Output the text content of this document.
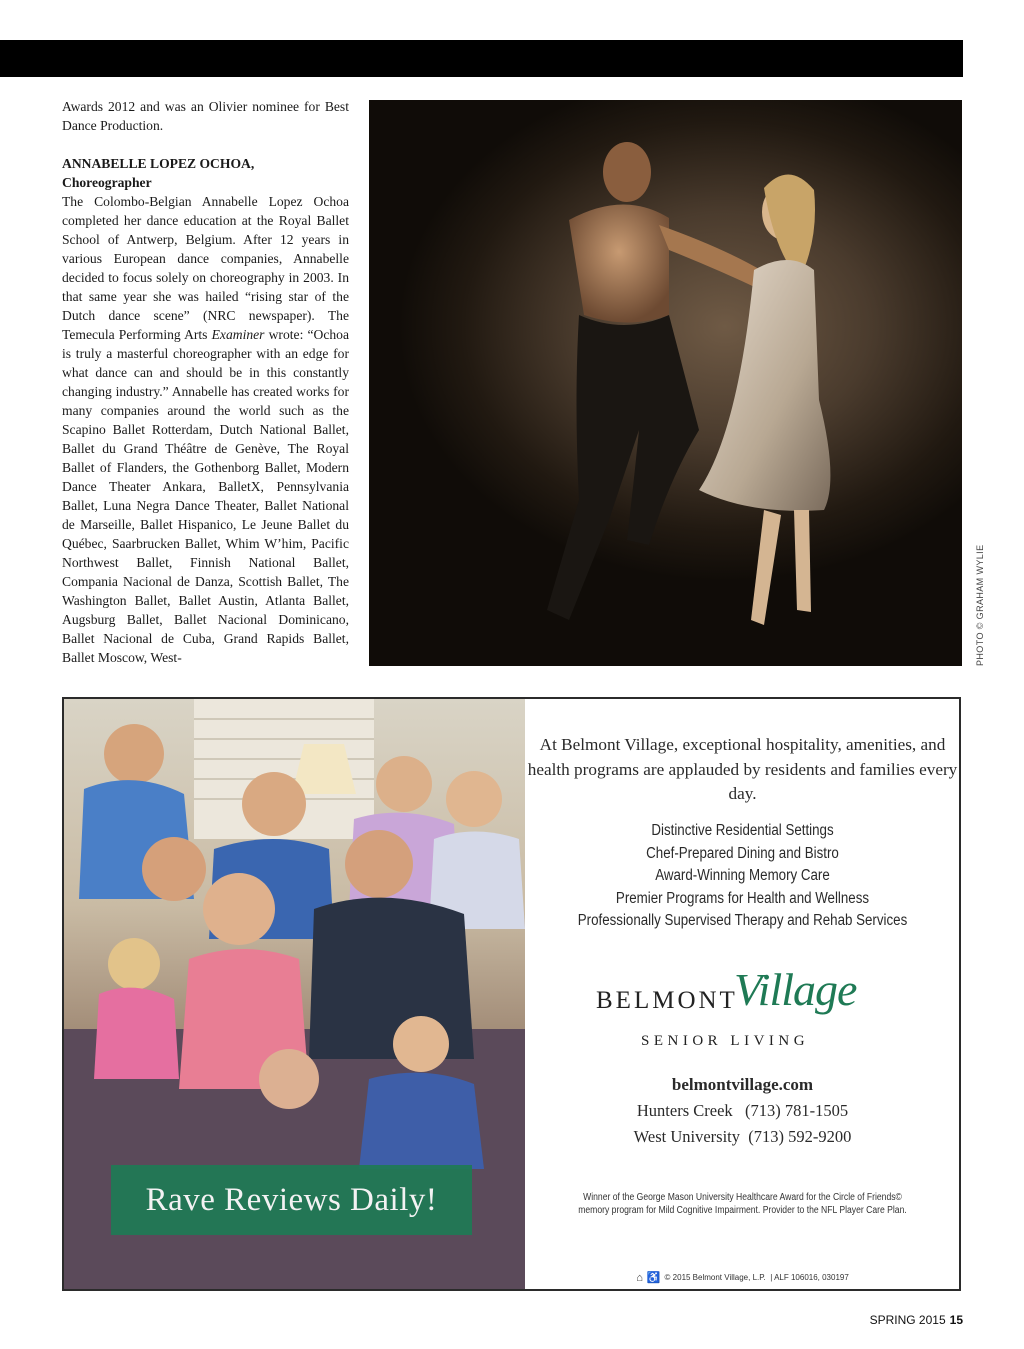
Awards 2012 and was an Olivier nominee for Best Dance Production.

ANNABELLE LOPEZ OCHOA,

Choreographer

The Colombo-Belgian Annabelle Lopez Ochoa completed her dance education at the Royal Ballet School of Antwerp, Belgium. After 12 years in various European dance companies, Annabelle decided to focus solely on choreography in 2003. In that same year she was hailed “rising star of the Dutch dance scene” (NRC newspaper). The Temecula Performing Arts Examiner wrote: “Ochoa is truly a masterful choreographer with an edge for what dance can and should be in this constantly changing industry.” Annabelle has created works for many companies around the world such as the Scapino Ballet Rotterdam, Dutch National Ballet, Ballet du Grand Théâtre de Genève, The Royal Ballet of Flanders, the Gothenborg Ballet, Modern Dance Theater Ankara, BalletX, Pennsylvania Ballet, Luna Negra Dance Theater, Ballet National de Marseille, Ballet Hispanico, Le Jeune Ballet du Québec, Saarbrucken Ballet, Whim W’him, Pacific Northwest Ballet, Finnish National Ballet, Compania Nacional de Danza, Scottish Ballet, The Washington Ballet, Ballet Austin, Atlanta Ballet, Augsburg Ballet, Ballet Nacional Dominicano, Ballet Nacional de Cuba, Grand Rapids Ballet, Ballet Moscow, West-	PHOTO © GRAHAM WYLIE
Rave Reviews Daily!
At Belmont Village, exceptional hospitality, amenities, and health programs are applauded by residents and families every day.
Distinctive Residential Settings
Chef-Prepared Dining and Bistro
Award-Winning Memory Care
Premier Programs for Health and Wellness
Professionally Supervised Therapy and Rehab Services
BELMONT
Village
SENIOR LIVING
belmontvillage.com
Hunters Creek   (713) 781-1505
West University  (713) 592-9200
Winner of the George Mason University Healthcare Award for the Circle of Friends©
memory program for Mild Cognitive Impairment. Provider to the NFL Player Care Plan.
⌂ ♿ © 2015 Belmont Village, L.P.  | ALF 106016, 030197
SPRING 2015 15
